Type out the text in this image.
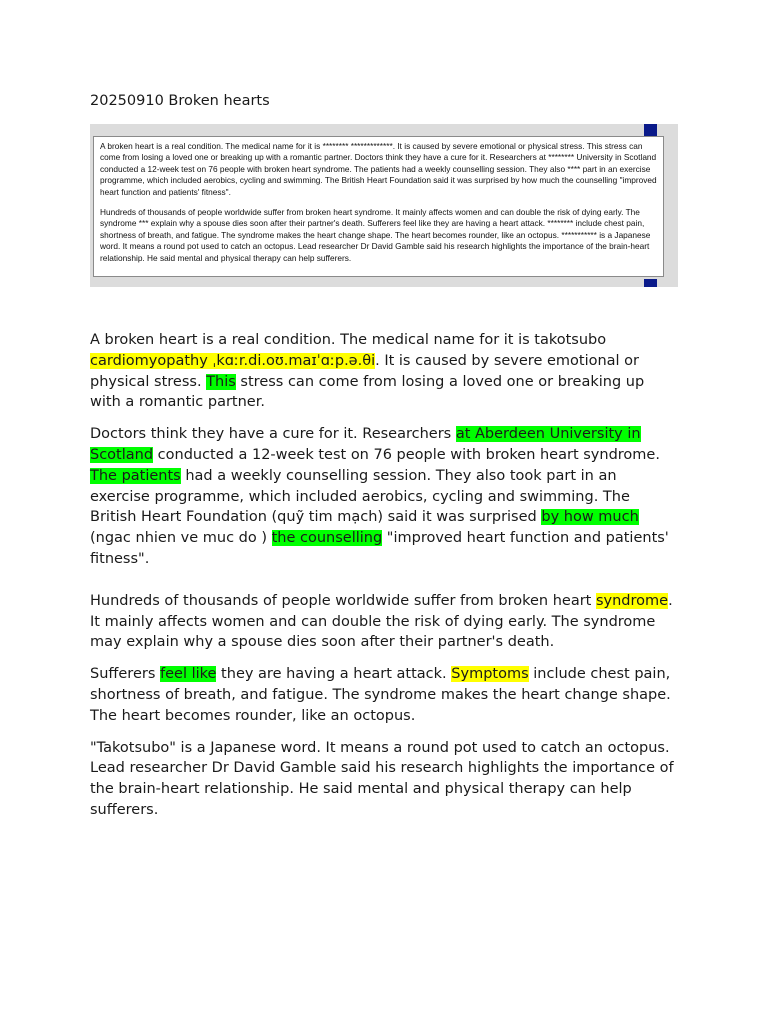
20250910 Broken hearts

A broken heart is a real condition. The medical name for it is ******** *************. It is caused by severe emotional or physical stress. This stress can come from losing a loved one or breaking up with a romantic partner. Doctors think they have a cure for it. Researchers at ******** University in Scotland conducted a 12-week test on 76 people with broken heart syndrome. The patients had a weekly counselling session. They also **** part in an exercise programme, which included aerobics, cycling and swimming. The British Heart Foundation said it was surprised by how much the counselling "improved heart function and patients' fitness".

Hundreds of thousands of people worldwide suffer from broken heart syndrome. It mainly affects women and can double the risk of dying early. The syndrome *** explain why a spouse dies soon after their partner's death. Sufferers feel like they are having a heart attack. ******** include chest pain, shortness of breath, and fatigue. The syndrome makes the heart change shape. The heart becomes rounder, like an octopus. *********** is a Japanese word. It means a round pot used to catch an octopus. Lead researcher Dr David Gamble said his research highlights the importance of the brain-heart relationship. He said mental and physical therapy can help sufferers.

A broken heart is a real condition. The medical name for it is takotsubo cardiomyopathy ˌkɑːr.di.oʊ.maɪˈɑːp.ə.θi. It is caused by severe emotional or physical stress. This stress can come from losing a loved one or breaking up with a romantic partner.

Doctors think they have a cure for it. Researchers at Aberdeen University in Scotland conducted a 12-week test on 76 people with broken heart syndrome. The patients had a weekly counselling session. They also took part in an exercise programme, which included aerobics, cycling and swimming. The British Heart Foundation (quỹ tim mạch) said it was surprised by how much (ngac nhien ve muc do ) the counselling "improved heart function and patients' fitness".

Hundreds of thousands of people worldwide suffer from broken heart syndrome. It mainly affects women and can double the risk of dying early. The syndrome may explain why a spouse dies soon after their partner's death.

Sufferers feel like they are having a heart attack. Symptoms include chest pain, shortness of breath, and fatigue. The syndrome makes the heart change shape. The heart becomes rounder, like an octopus.

"Takotsubo" is a Japanese word. It means a round pot used to catch an octopus. Lead researcher Dr David Gamble said his research highlights the importance of the brain-heart relationship. He said mental and physical therapy can help sufferers.
